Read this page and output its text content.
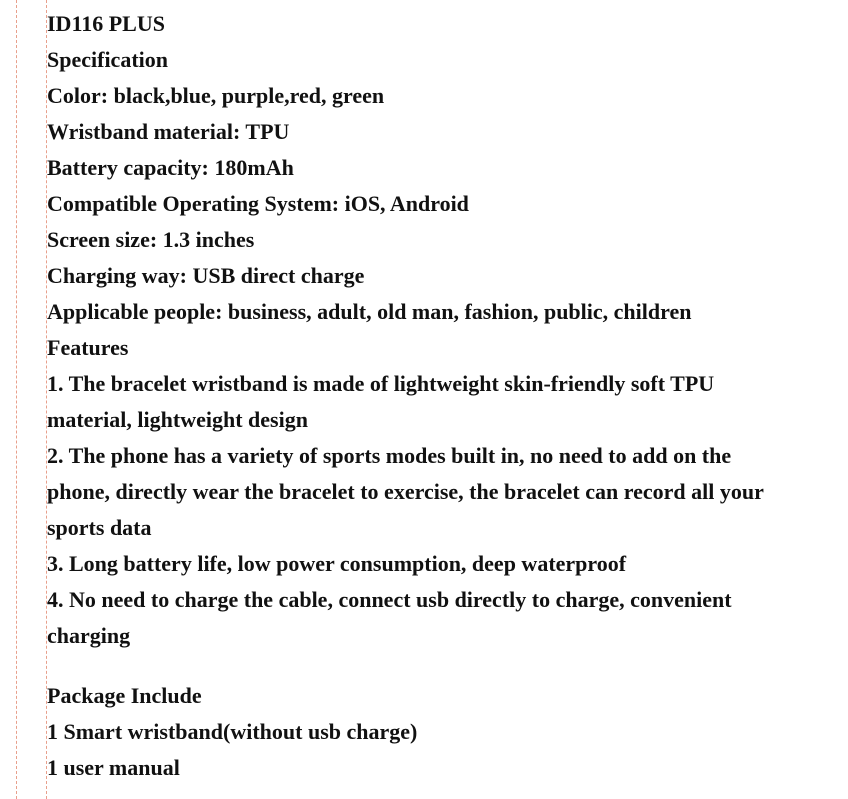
ID116 PLUS

Specification

Color: black,blue, purple,red, green

Wristband material: TPU

Battery capacity: 180mAh

Compatible Operating System: iOS, Android

Screen size: 1.3 inches

Charging way: USB direct charge

Applicable people: business, adult, old man, fashion, public, children

Features

1. The bracelet wristband is made of lightweight skin-friendly soft TPU

material, lightweight design

2. The phone has a variety of sports modes built in, no need to add on the

phone, directly wear the bracelet to exercise, the bracelet can record all your

sports data

3. Long battery life, low power consumption, deep waterproof

4. No need to charge the cable, connect usb directly to charge, convenient

charging

Package Include

1 Smart wristband(without usb charge)

1 user manual
